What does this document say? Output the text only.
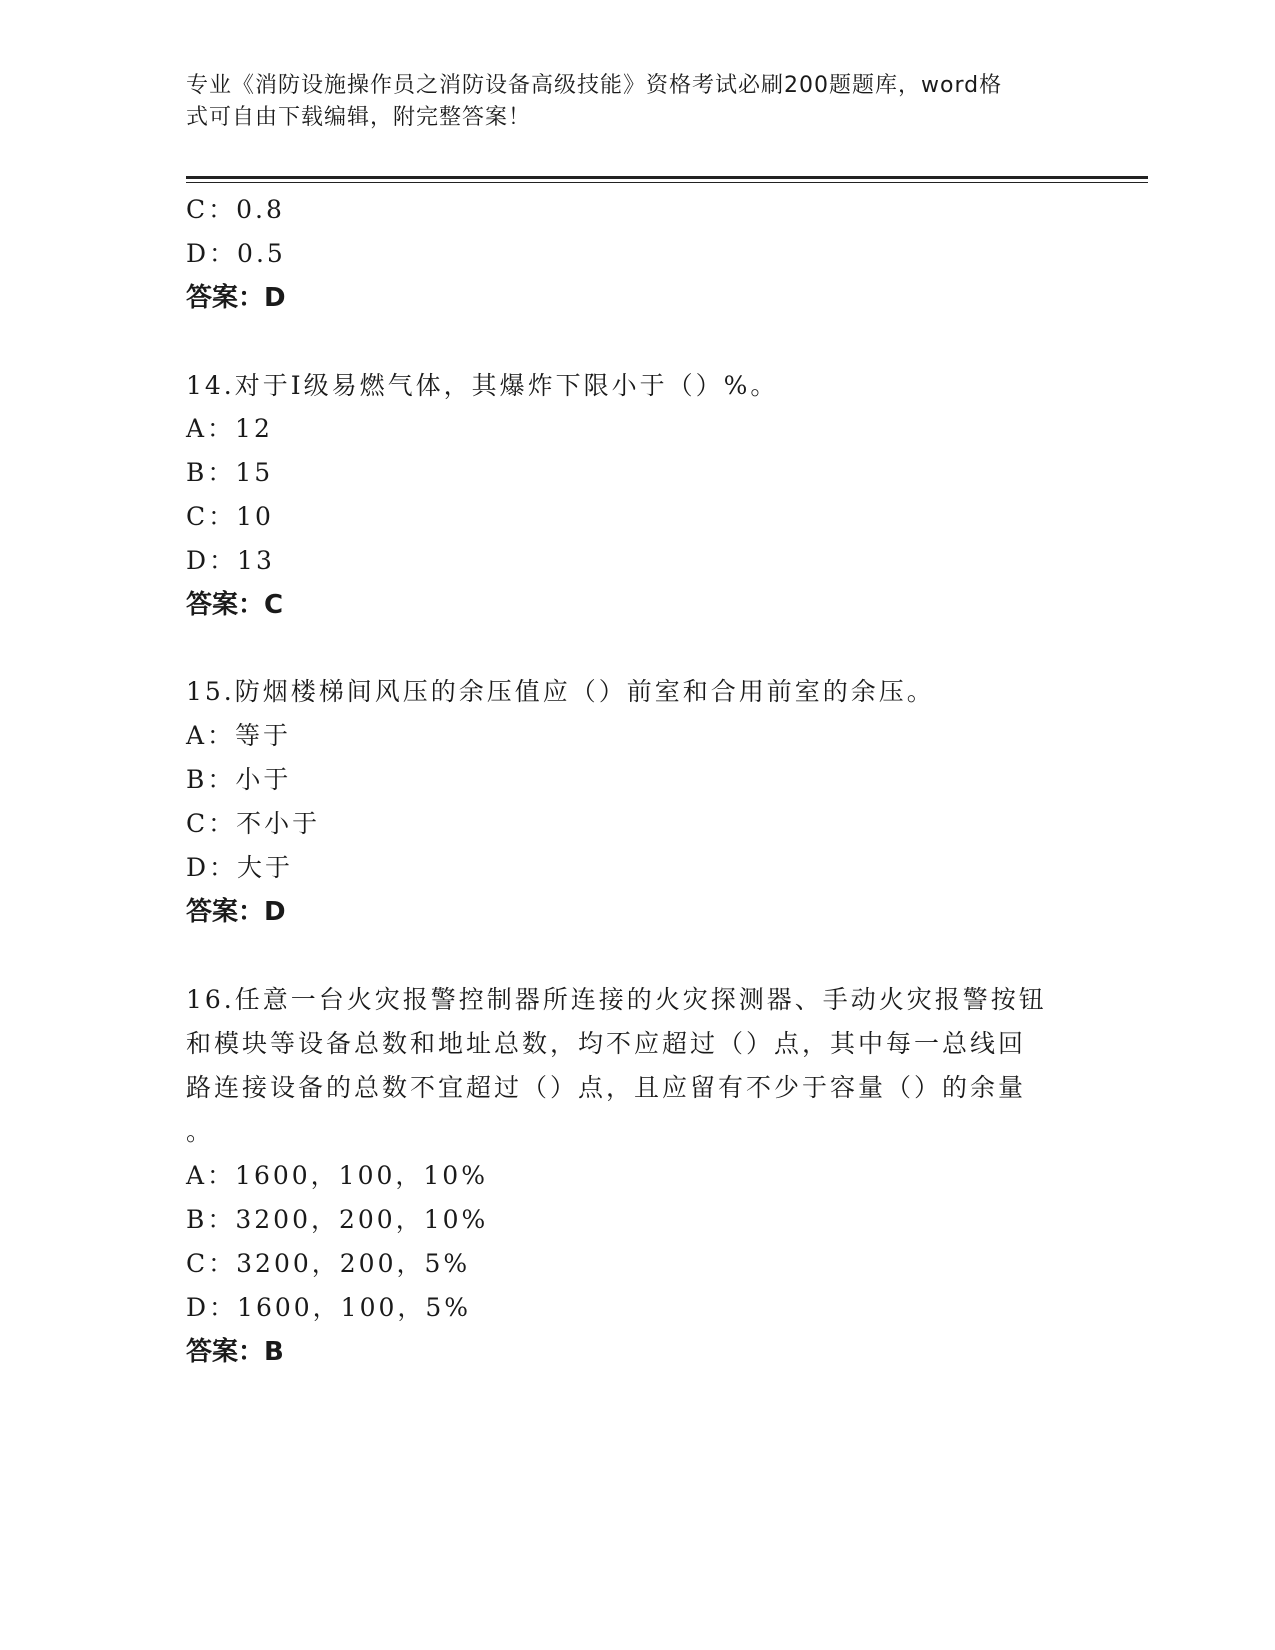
专业《消防设施操作员之消防设备高级技能》资格考试必刷200题题库，word格
式可自由下载编辑，附完整答案！
C：0.8
D：0.5
答案：D
14.对于Ⅰ级易燃气体，其爆炸下限小于（）%。
A：12
B：15
C：10
D：13
答案：C
15.防烟楼梯间风压的余压值应（）前室和合用前室的余压。
A：等于
B：小于
C：不小于
D：大于
答案：D
16.任意一台火灾报警控制器所连接的火灾探测器、手动火灾报警按钮
和模块等设备总数和地址总数，均不应超过（）点，其中每一总线回
路连接设备的总数不宜超过（）点，且应留有不少于容量（）的余量
。
A：1600，100，10%
B：3200，200，10%
C：3200，200，5%
D：1600，100，5%
答案：B
